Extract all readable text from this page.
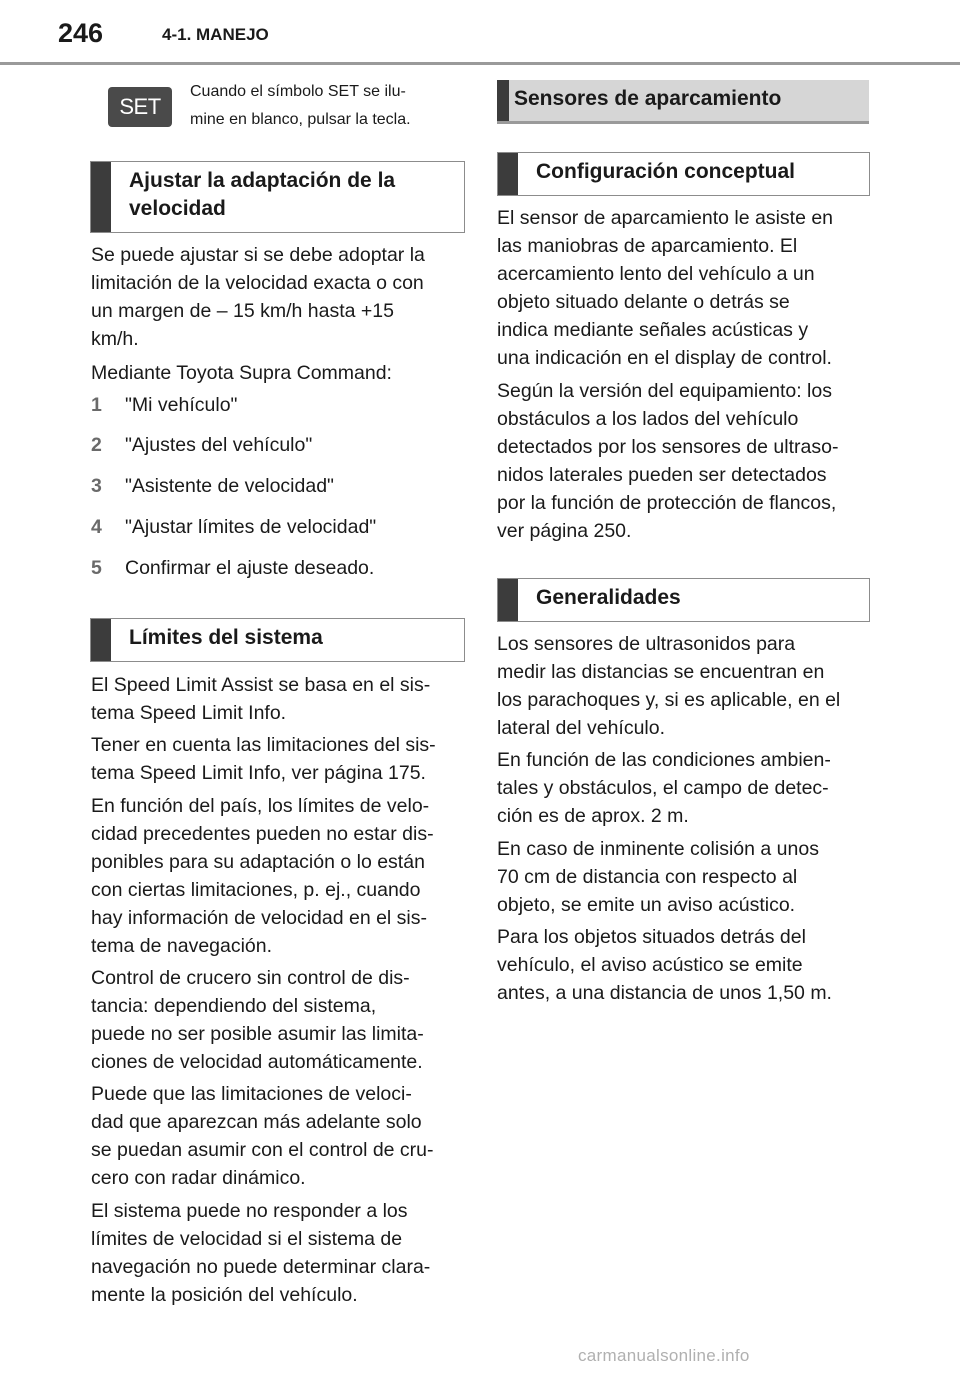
246	4-1. MANEJO
SET
Cuando el símbolo SET se ilu-
mine en blanco, pulsar la tecla.
Ajustar la adaptación de la
velocidad
Se puede ajustar si se debe adoptar la
limitación de la velocidad exacta o con
un margen de – 15 km/h hasta +15
km/h.
Mediante Toyota Supra Command:
1 "Mi vehículo"
2 "Ajustes del vehículo"
3 "Asistente de velocidad"
4 "Ajustar límites de velocidad"
5 Confirmar el ajuste deseado.
Límites del sistema
El Speed Limit Assist se basa en el sis-
tema Speed Limit Info.
Tener en cuenta las limitaciones del sis-
tema Speed Limit Info, ver página 175.
En función del país, los límites de velo-
cidad precedentes pueden no estar dis-
ponibles para su adaptación o lo están
con ciertas limitaciones, p. ej., cuando
hay información de velocidad en el sis-
tema de navegación.
Control de crucero sin control de dis-
tancia: dependiendo del sistema,
puede no ser posible asumir las limita-
ciones de velocidad automáticamente.
Puede que las limitaciones de veloci-
dad que aparezcan más adelante solo
se puedan asumir con el control de cru-
cero con radar dinámico.
El sistema puede no responder a los
límites de velocidad si el sistema de
navegación no puede determinar clara-
mente la posición del vehículo.
Sensores de aparcamiento
Configuración conceptual
El sensor de aparcamiento le asiste en
las maniobras de aparcamiento. El
acercamiento lento del vehículo a un
objeto situado delante o detrás se
indica mediante señales acústicas y
una indicación en el display de control.
Según la versión del equipamiento: los
obstáculos a los lados del vehículo
detectados por los sensores de ultraso-
nidos laterales pueden ser detectados
por la función de protección de flancos,
ver página 250.
Generalidades
Los sensores de ultrasonidos para
medir las distancias se encuentran en
los parachoques y, si es aplicable, en el
lateral del vehículo.
En función de las condiciones ambien-
tales y obstáculos, el campo de detec-
ción es de aprox. 2 m.
En caso de inminente colisión a unos
70 cm de distancia con respecto al
objeto, se emite un aviso acústico.
Para los objetos situados detrás del
vehículo, el aviso acústico se emite
antes, a una distancia de unos 1,50 m.
carmanualsonline.info
